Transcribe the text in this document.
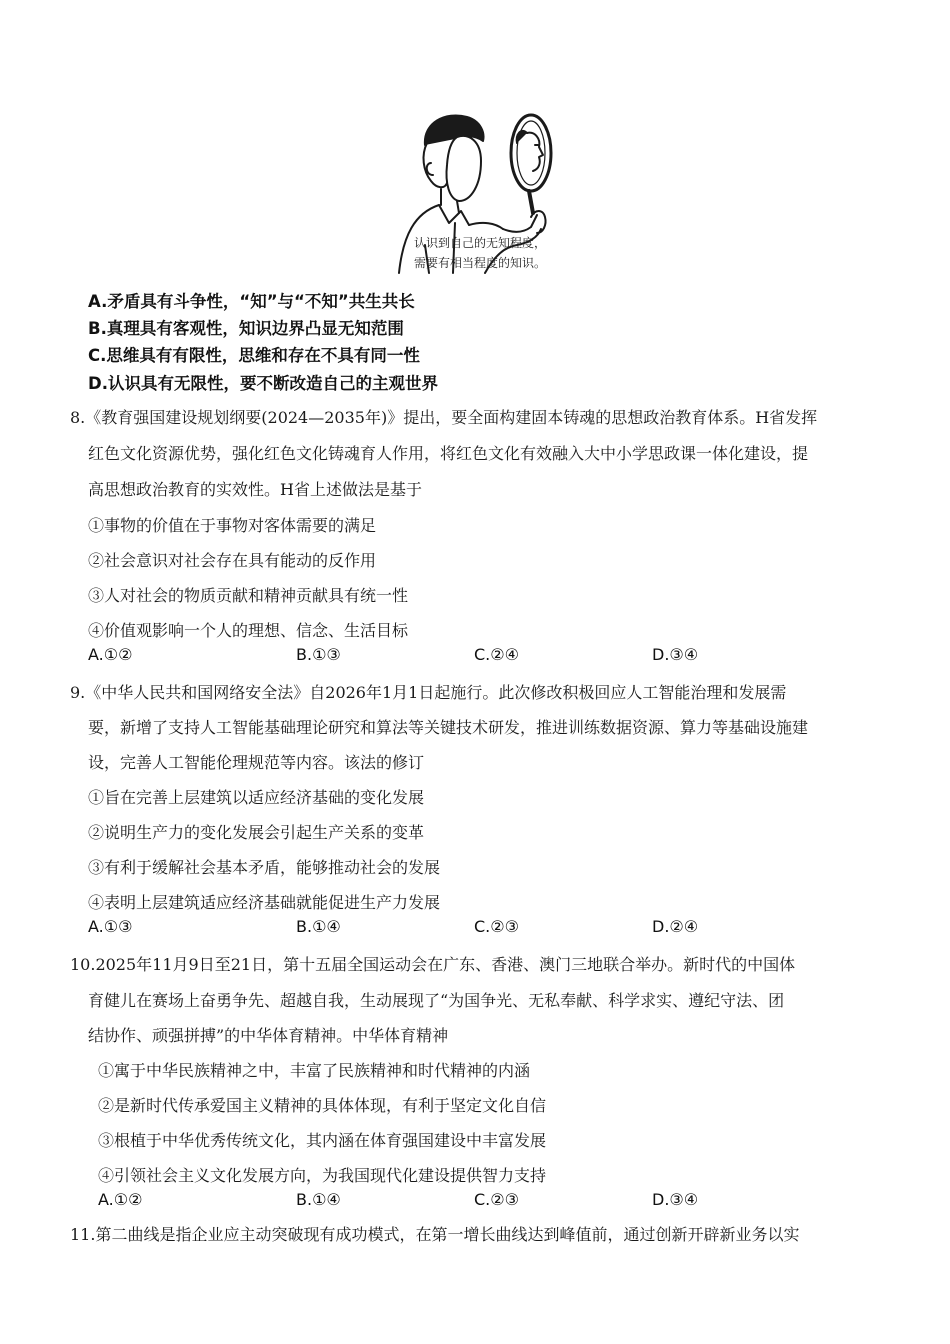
认识到自己的无知程度，
需要有相当程度的知识。
A.矛盾具有斗争性，“知”与“不知”共生共长
B.真理具有客观性，知识边界凸显无知范围
C.思维具有有限性，思维和存在不具有同一性
D.认识具有无限性，要不断改造自己的主观世界
8.《教育强国建设规划纲要(2024—2035年)》提出，要全面构建固本铸魂的思想政治教育体系。H省发挥
红色文化资源优势，强化红色文化铸魂育人作用，将红色文化有效融入大中小学思政课一体化建设，提
高思想政治教育的实效性。H省上述做法是基于
①事物的价值在于事物对客体需要的满足
②社会意识对社会存在具有能动的反作用
③人对社会的物质贡献和精神贡献具有统一性
④价值观影响一个人的理想、信念、生活目标
A.①②	B.①③	C.②④	D.③④
9.《中华人民共和国网络安全法》自2026年1月1日起施行。此次修改积极回应人工智能治理和发展需
要，新增了支持人工智能基础理论研究和算法等关键技术研发，推进训练数据资源、算力等基础设施建
设，完善人工智能伦理规范等内容。该法的修订
①旨在完善上层建筑以适应经济基础的变化发展
②说明生产力的变化发展会引起生产关系的变革
③有利于缓解社会基本矛盾，能够推动社会的发展
④表明上层建筑适应经济基础就能促进生产力发展
A.①③	B.①④	C.②③	D.②④
10.2025年11月9日至21日，第十五届全国运动会在广东、香港、澳门三地联合举办。新时代的中国体
育健儿在赛场上奋勇争先、超越自我，生动展现了“为国争光、无私奉献、科学求实、遵纪守法、团
结协作、顽强拼搏”的中华体育精神。中华体育精神
①寓于中华民族精神之中，丰富了民族精神和时代精神的内涵
②是新时代传承爱国主义精神的具体体现，有利于坚定文化自信
③根植于中华优秀传统文化，其内涵在体育强国建设中丰富发展
④引领社会主义文化发展方向，为我国现代化建设提供智力支持
A.①②	B.①④	C.②③	D.③④
11.第二曲线是指企业应主动突破现有成功模式，在第一增长曲线达到峰值前，通过创新开辟新业务以实
